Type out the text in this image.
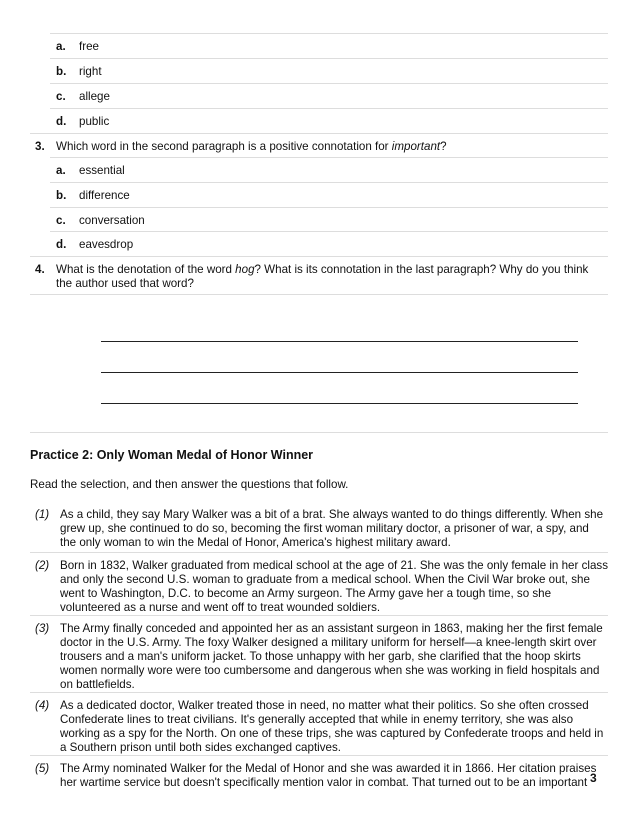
a. free
b. right
c. allege
d. public
3. Which word in the second paragraph is a positive connotation for important?
a. essential
b. difference
c. conversation
d. eavesdrop
4. What is the denotation of the word hog? What is its connotation in the last paragraph? Why do you think the author used that word?
Practice 2: Only Woman Medal of Honor Winner
Read the selection, and then answer the questions that follow.
(1) As a child, they say Mary Walker was a bit of a brat. She always wanted to do things differently. When she grew up, she continued to do so, becoming the first woman military doctor, a prisoner of war, a spy, and the only woman to win the Medal of Honor, America's highest military award.
(2) Born in 1832, Walker graduated from medical school at the age of 21. She was the only female in her class and only the second U.S. woman to graduate from a medical school. When the Civil War broke out, she went to Washington, D.C. to become an Army surgeon. The Army gave her a tough time, so she volunteered as a nurse and went off to treat wounded soldiers.
(3) The Army finally conceded and appointed her as an assistant surgeon in 1863, making her the first female doctor in the U.S. Army. The foxy Walker designed a military uniform for herself—a knee-length skirt over trousers and a man's uniform jacket. To those unhappy with her garb, she clarified that the hoop skirts women normally wore were too cumbersome and dangerous when she was working in field hospitals and on battlefields.
(4) As a dedicated doctor, Walker treated those in need, no matter what their politics. So she often crossed Confederate lines to treat civilians. It's generally accepted that while in enemy territory, she was also working as a spy for the North. On one of these trips, she was captured by Confederate troops and held in a Southern prison until both sides exchanged captives.
(5) The Army nominated Walker for the Medal of Honor and she was awarded it in 1866. Her citation praises her wartime service but doesn't specifically mention valor in combat. That turned out to be an important 3
